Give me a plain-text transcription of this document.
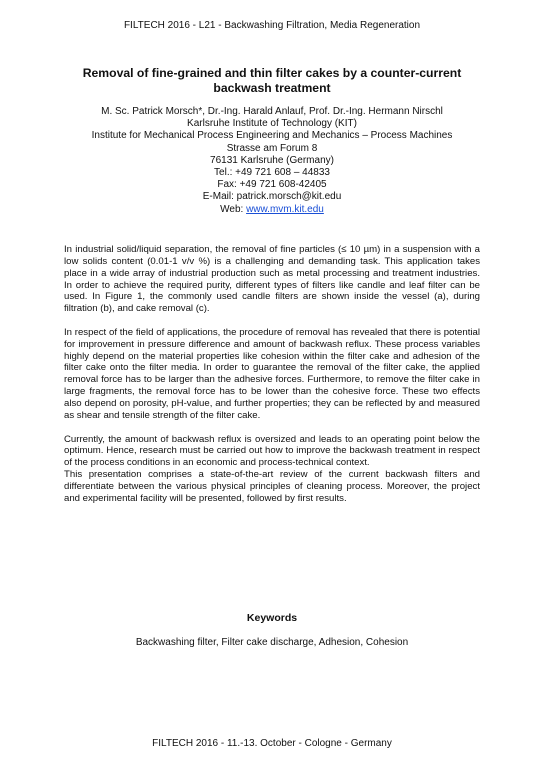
FILTECH 2016 - L21 - Backwashing Filtration, Media Regeneration
Removal of fine-grained and thin filter cakes by a counter-current
backwash treatment
M. Sc. Patrick Morsch*, Dr.-Ing. Harald Anlauf, Prof. Dr.-Ing. Hermann Nirschl
Karlsruhe Institute of Technology (KIT)
Institute for Mechanical Process Engineering and Mechanics – Process Machines
Strasse am Forum 8
76131 Karlsruhe (Germany)
Tel.: +49 721 608 – 44833
Fax: +49 721 608-42405
E-Mail: patrick.morsch@kit.edu
Web: www.mvm.kit.edu

In industrial solid/liquid separation, the removal of fine particles (≤ 10 µm) in a suspension with a low solids content (0.01-1 v/v %) is a challenging and demanding task. This application takes place in a wide array of industrial production such as metal processing and treatment industries. In order to achieve the required purity, different types of filters like candle and leaf filter can be used. In Figure 1, the commonly used candle filters are shown inside the vessel (a), during filtration (b), and cake removal (c).

In respect of the field of applications, the procedure of removal has revealed that there is potential for improvement in pressure difference and amount of backwash reflux. These process variables highly depend on the material properties like cohesion within the filter cake and adhesion of the filter cake onto the filter media. In order to guarantee the removal of the filter cake, the applied removal force has to be larger than the adhesive forces. Furthermore, to remove the filter cake in large fragments, the removal force has to be lower than the cohesive force. These two effects also depend on porosity, pH-value, and further properties; they can be reflected by and measured as shear and tensile strength of the filter cake.

Currently, the amount of backwash reflux is oversized and leads to an operating point below the optimum. Hence, research must be carried out how to improve the backwash treatment in respect of the process conditions in an economic and process-technical context.

This presentation comprises a state-of-the-art review of the current backwash filters and differentiate between the various physical principles of cleaning process. Moreover, the project and experimental facility will be presented, followed by first results.

Keywords
Backwashing filter, Filter cake discharge, Adhesion, Cohesion
FILTECH 2016 - 11.-13. October - Cologne - Germany
